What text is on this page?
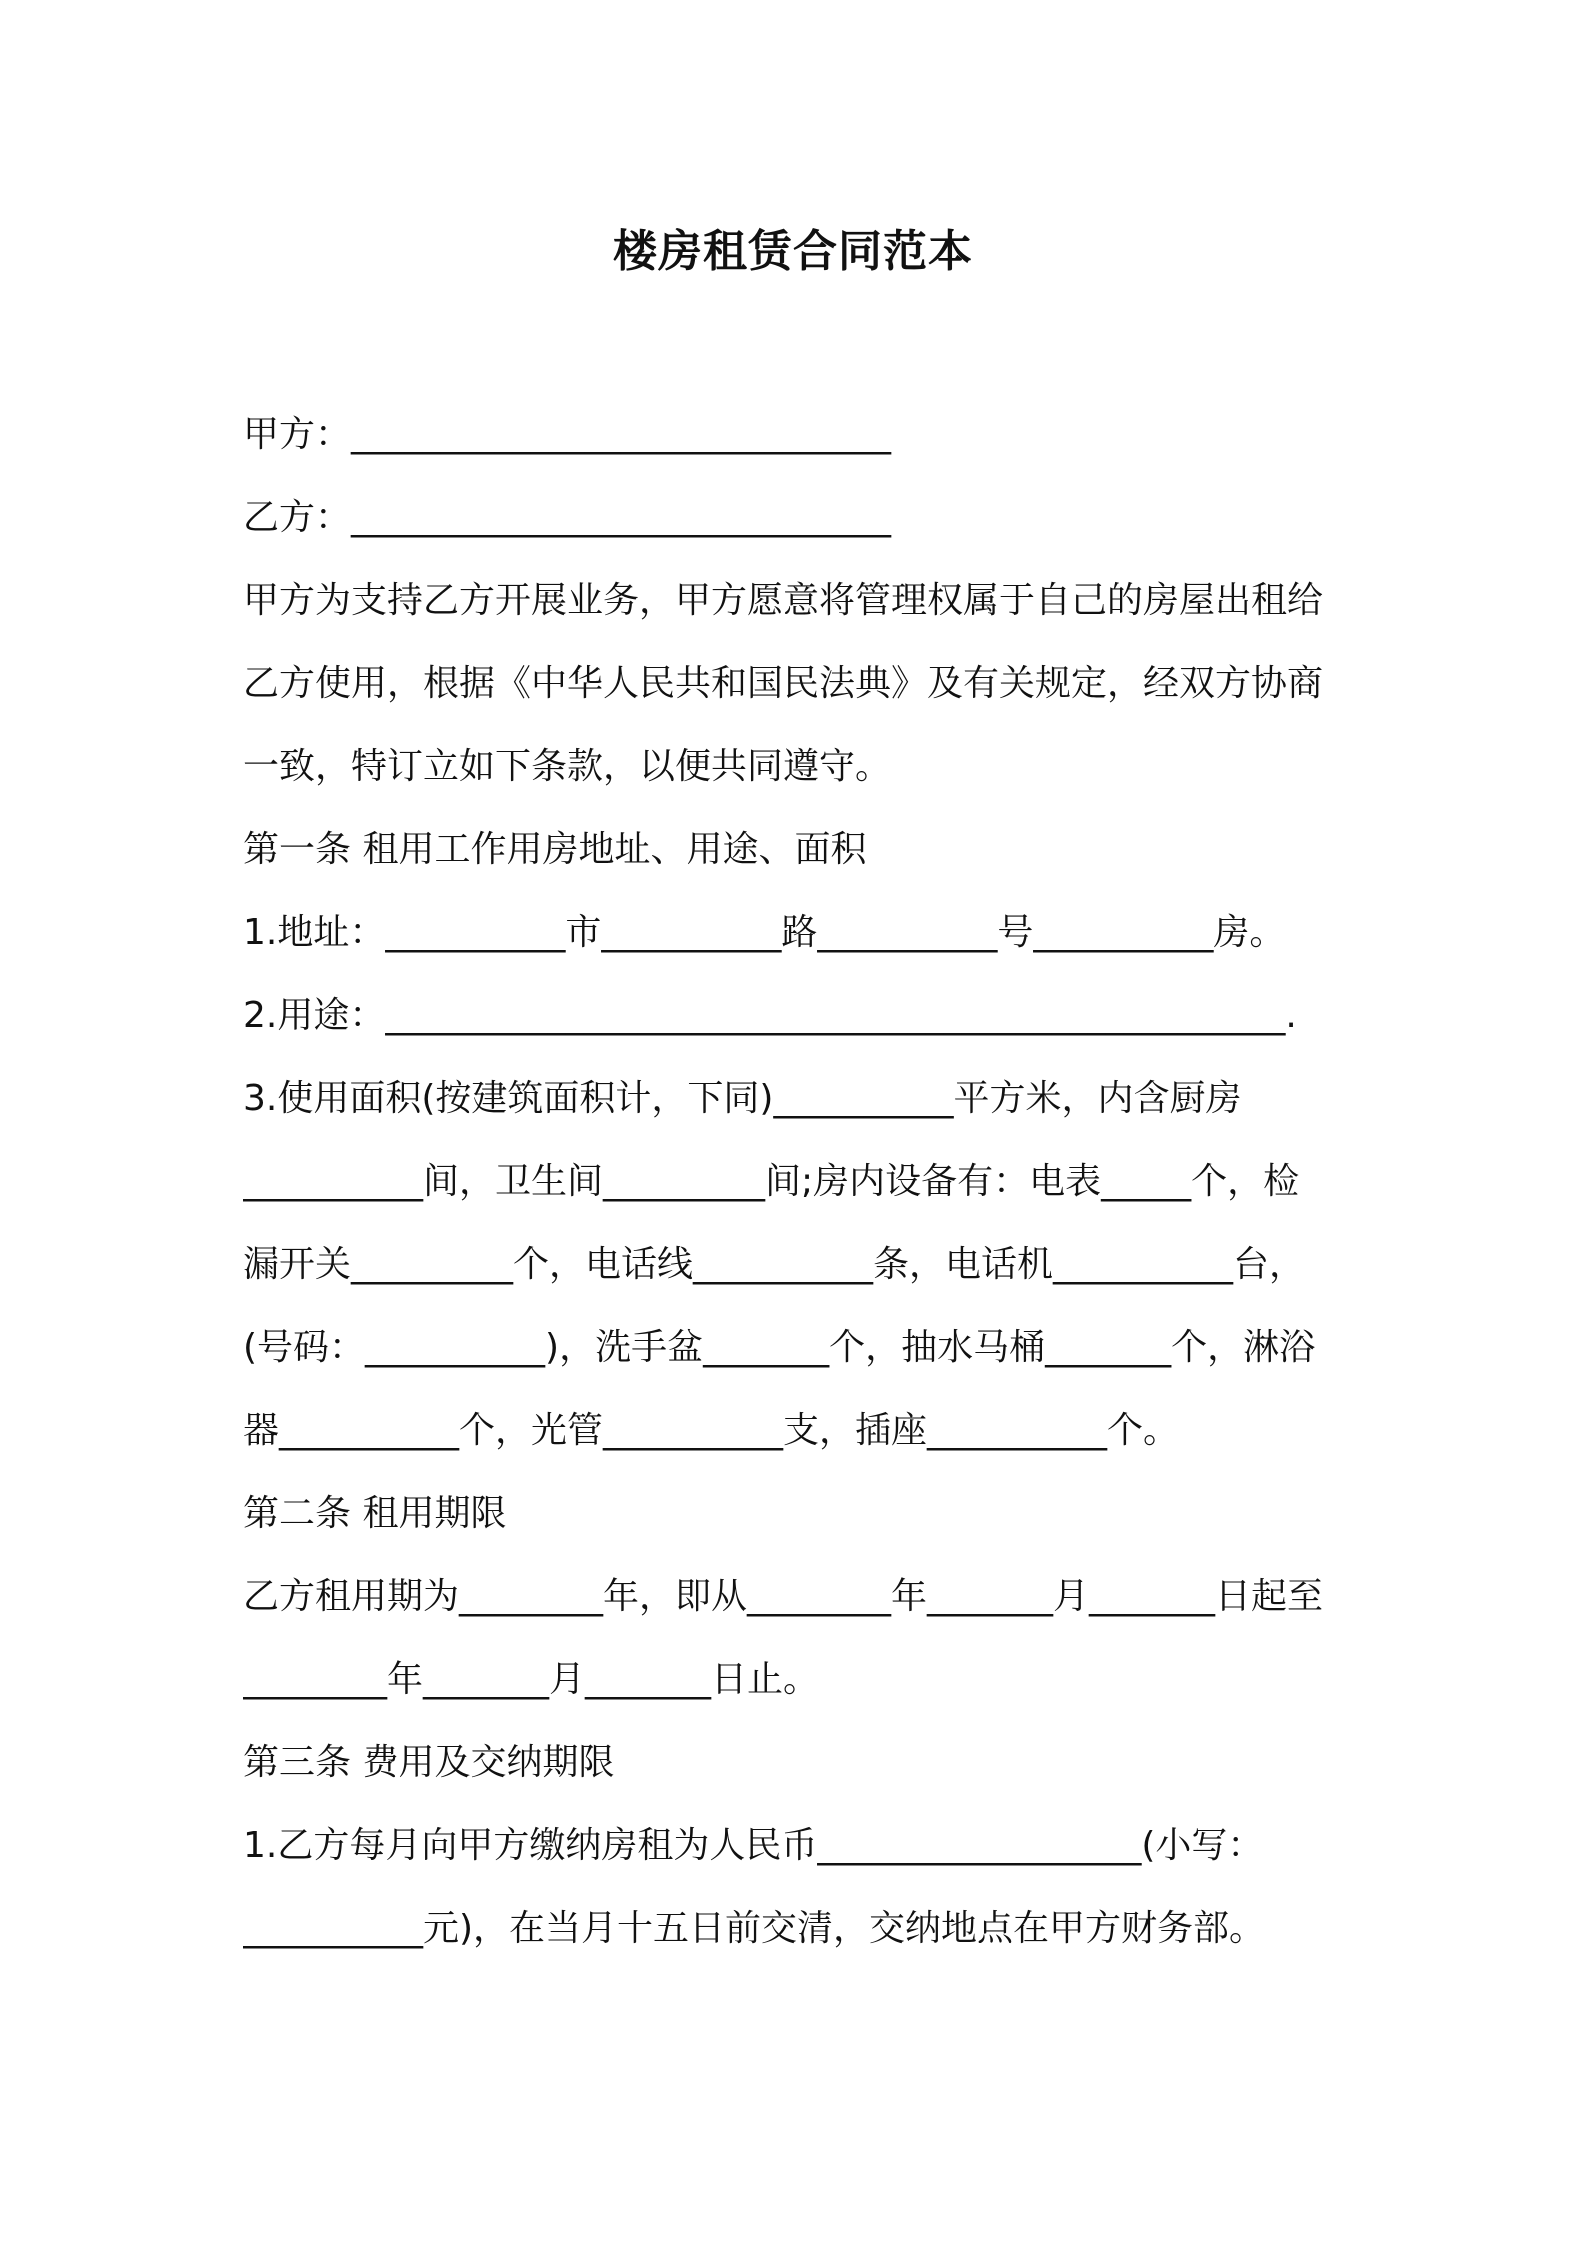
楼房租赁合同范本
甲方：______________________________
乙方：______________________________
甲方为支持乙方开展业务，甲方愿意将管理权属于自己的房屋出租给
乙方使用，根据《中华人民共和国民法典》及有关规定，经双方协商
一致，特订立如下条款，以便共同遵守。
第一条 租用工作用房地址、用途、面积
1.地址：__________市__________路__________号__________房。
2.用途：__________________________________________________.
3.使用面积(按建筑面积计，下同)__________平方米，内含厨房
__________间，卫生间_________间;房内设备有：电表_____个，检
漏开关_________个，电话线__________条，电话机__________台，
(号码：__________)，洗手盆_______个，抽水马桶_______个，淋浴
器__________个，光管__________支，插座__________个。
第二条 租用期限
乙方租用期为________年，即从________年_______月_______日起至
________年_______月_______日止。
第三条 费用及交纳期限
1.乙方每月向甲方缴纳房租为人民币__________________(小写：
__________元)，在当月十五日前交清，交纳地点在甲方财务部。
